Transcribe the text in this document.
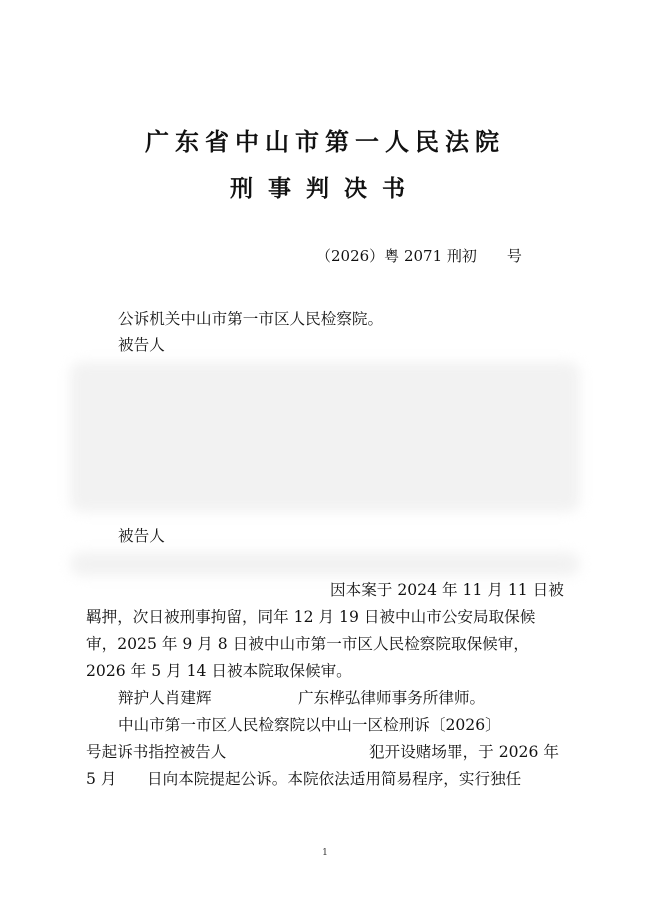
广东省中山市第一人民法院
刑事判决书
（2026）粤 2071 刑初　　号
公诉机关中山市第一市区人民检察院。
被告人
被告人
因本案于 2024 年 11 月 11 日被
羁押，次日被刑事拘留，同年 12 月 19 日被中山市公安局取保候
审，2025 年 9 月 8 日被中山市第一市区人民检察院取保候审，
2026 年 5 月 14 日被本院取保候审。
辩护人肖建辉	广东桦弘律师事务所律师。
中山市第一市区人民检察院以中山一区检刑诉〔2026〕
号起诉书指控被告人	犯开设赌场罪，于 2026 年
5 月 日向本院提起公诉。本院依法适用简易程序，实行独任
1
